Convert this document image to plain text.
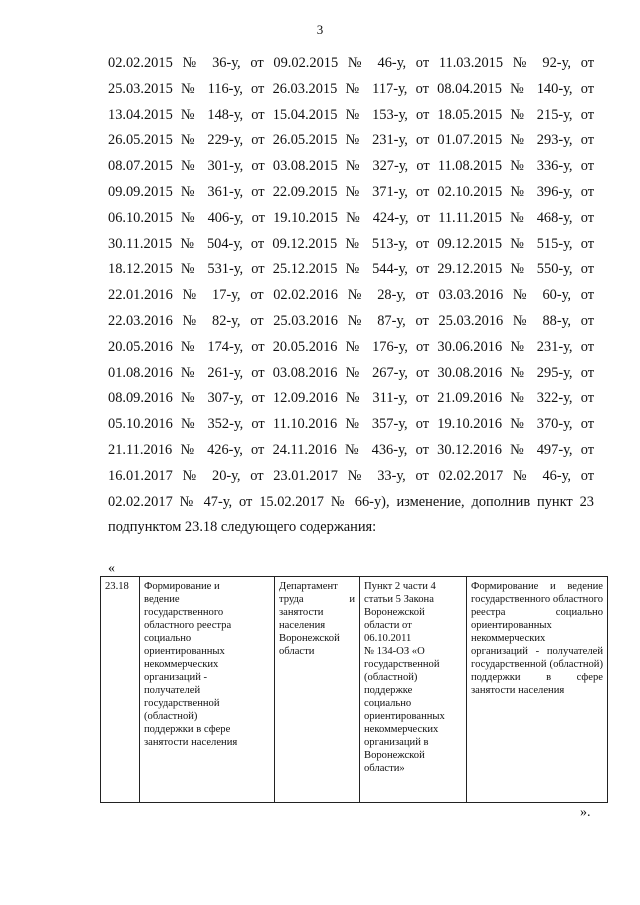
3
02.02.2015 № 36-у, от 09.02.2015 № 46-у, от 11.03.2015 № 92-у, от
25.03.2015 № 116-у, от 26.03.2015 № 117-у, от 08.04.2015 № 140-у, от
13.04.2015 № 148-у, от 15.04.2015 № 153-у, от 18.05.2015 № 215-у, от
26.05.2015 № 229-у, от 26.05.2015 № 231-у, от 01.07.2015 № 293-у, от
08.07.2015 № 301-у, от 03.08.2015 № 327-у, от 11.08.2015 № 336-у, от
09.09.2015 № 361-у, от 22.09.2015 № 371-у, от 02.10.2015 № 396-у, от
06.10.2015 № 406-у, от 19.10.2015 № 424-у, от 11.11.2015 № 468-у, от
30.11.2015 № 504-у, от 09.12.2015 № 513-у, от 09.12.2015 № 515-у, от
18.12.2015 № 531-у, от 25.12.2015 № 544-у, от 29.12.2015 № 550-у, от
22.01.2016 № 17-у, от 02.02.2016 № 28-у, от 03.03.2016 № 60-у, от
22.03.2016 № 82-у, от 25.03.2016 № 87-у, от 25.03.2016 № 88-у, от
20.05.2016 № 174-у, от 20.05.2016 № 176-у, от 30.06.2016 № 231-у, от
01.08.2016 № 261-у, от 03.08.2016 № 267-у, от 30.08.2016 № 295-у, от
08.09.2016 № 307-у, от 12.09.2016 № 311-у, от 21.09.2016 № 322-у, от
05.10.2016 № 352-у, от 11.10.2016 № 357-у, от 19.10.2016 № 370-у, от
21.11.2016 № 426-у, от 24.11.2016 № 436-у, от 30.12.2016 № 497-у, от
16.01.2017 № 20-у, от 23.01.2017 № 33-у, от 02.02.2017 № 46-у, от
02.02.2017 № 47-у, от 15.02.2017 № 66-у), изменение, дополнив пункт 23
подпунктом 23.18 следующего содержания:
«
23.18	Формирование и
ведение
государственного
областного реестра
социально
ориентированных
некоммерческих
организаций -
получателей
государственной
(областной)
поддержки в сфере
занятости населения	Департамент труда и занятости населения Воронежской области	Пункт 2 части 4
статьи 5 Закона
Воронежской
области от
06.10.2011
№ 134-ОЗ «О
государственной
(областной)
поддержке
социально
ориентированных
некоммерческих
организаций в
Воронежской
области»	Формирование и ведение государственного областного реестра социально ориентированных некоммерческих организаций - получателей государственной (областной) поддержки в сфере занятости населения
».
